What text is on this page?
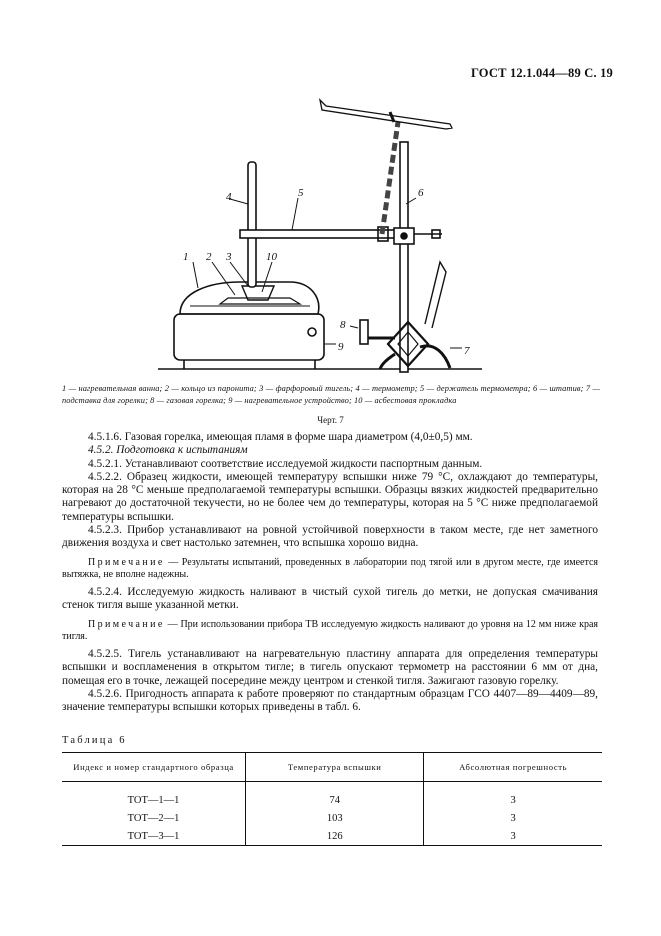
ГОСТ 12.1.044—89 С. 19
1 2 3
4	5	6
7
8
9
10
1 — нагревательная ванна; 2 — кольцо из паронита; 3 — фарфоровый тигель; 4 — термометр; 5 — держатель термометра; 6 — штатив; 7 — подставка для горелки; 8 — газовая горелка; 9 — нагревательное устройство; 10 — асбестовая прокладка
Черт. 7

4.5.1.6. Газовая горелка, имеющая пламя в форме шара диаметром (4,0±0,5) мм.

4.5.2. Подготовка к испытаниям

4.5.2.1. Устанавливают соответствие исследуемой жидкости паспортным данным.

4.5.2.2. Образец жидкости, имеющей температуру вспышки ниже 79 °С, охлаждают до температуры, которая на 28 °С меньше предполагаемой температуры вспышки. Образцы вязких жидкостей предварительно нагревают до достаточной текучести, но не более чем до температуры, которая на 5 °С ниже предполагаемой температуры вспышки.

4.5.2.3. Прибор устанавливают на ровной устойчивой поверхности в таком месте, где нет заметного движения воздуха и свет настолько затемнен, что вспышка хорошо видна.

Примечание — Результаты испытаний, проведенных в лаборатории под тягой или в другом месте, где имеется вытяжка, не вполне надежны.

4.5.2.4. Исследуемую жидкость наливают в чистый сухой тигель до метки, не допуская смачивания стенок тигля выше указанной метки.

Примечание — При использовании прибора ТВ исследуемую жидкость наливают до уровня на 12 мм ниже края тигля.

4.5.2.5. Тигель устанавливают на нагревательную пластину аппарата для определения температуры вспышки и воспламенения в открытом тигле; в тигель опускают термометр на расстоянии 6 мм от дна, помещая его в точке, лежащей посередине между центром и стенкой тигля. Зажигают газовую горелку.

4.5.2.6. Пригодность аппарата к работе проверяют по стандартным образцам ГСО 4407—89—4409—89, значение температуры вспышки которых приведены в табл. 6.

Таблица 6
Индекс и номер стандартного образца	Температура вспышки	Абсолютная погрешность
ТОТ—1—1	74	3
ТОТ—2—1	103	3
ТОТ—3—1	126	3
